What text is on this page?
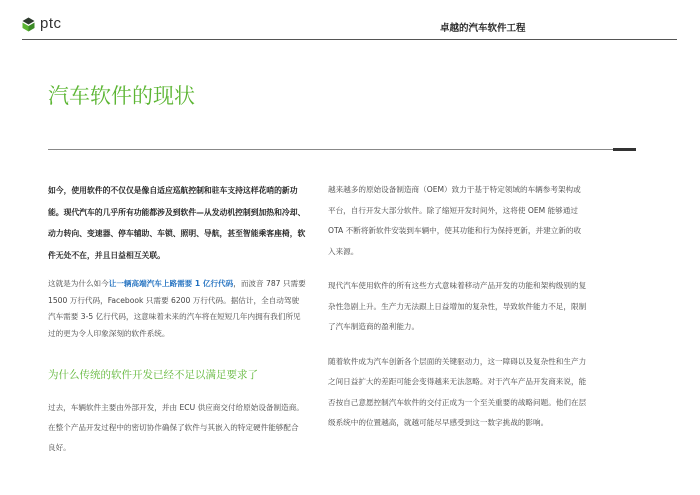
ptc	卓越的汽车软件工程
汽车软件的现状

如今，使用软件的不仅仅是像自适应巡航控制和驻车支持这样花哨的新功能。现代汽车的几乎所有功能都涉及到软件—从发动机控制到加热和冷却、动力转向、变速器、停车辅助、车锁、照明、导航，甚至智能乘客座椅，软件无处不在，并且日益相互关联。

这就是为什么如今让一辆高端汽车上路需要 1 亿行代码，而波音 787 只需要 1500 万行代码，Facebook 只需要 6200 万行代码。据估计，全自动驾驶汽车需要 3-5 亿行代码，这意味着未来的汽车将在短短几年内拥有我们所见过的更为令人印象深刻的软件系统。

为什么传统的软件开发已经不足以满足要求了

过去，车辆软件主要由外部开发，并由 ECU 供应商交付给原始设备制造商。在整个产品开发过程中的密切协作确保了软件与其嵌入的特定硬件能够配合良好。

越来越多的原始设备制造商（OEM）致力于基于特定领域的车辆参考架构或平台，自行开发大部分软件。除了缩短开发时间外，这将使 OEM 能够通过 OTA 不断将新软件安装到车辆中，使其功能和行为保持更新，并建立新的收入来源。

现代汽车使用软件的所有这些方式意味着移动产品开发的功能和架构级别的复杂性急剧上升。生产力无法跟上日益增加的复杂性，导致软件能力不足，限制了汽车制造商的盈利能力。

随着软件成为汽车创新各个层面的关键驱动力，这一障碍以及复杂性和生产力之间日益扩大的差距可能会变得越来无法忽略。对于汽车产品开发商来说，能否按自己意愿控制汽车软件的交付正成为一个至关重要的战略问题。他们在层级系统中的位置越高，就越可能尽早感受到这一数字挑战的影响。
